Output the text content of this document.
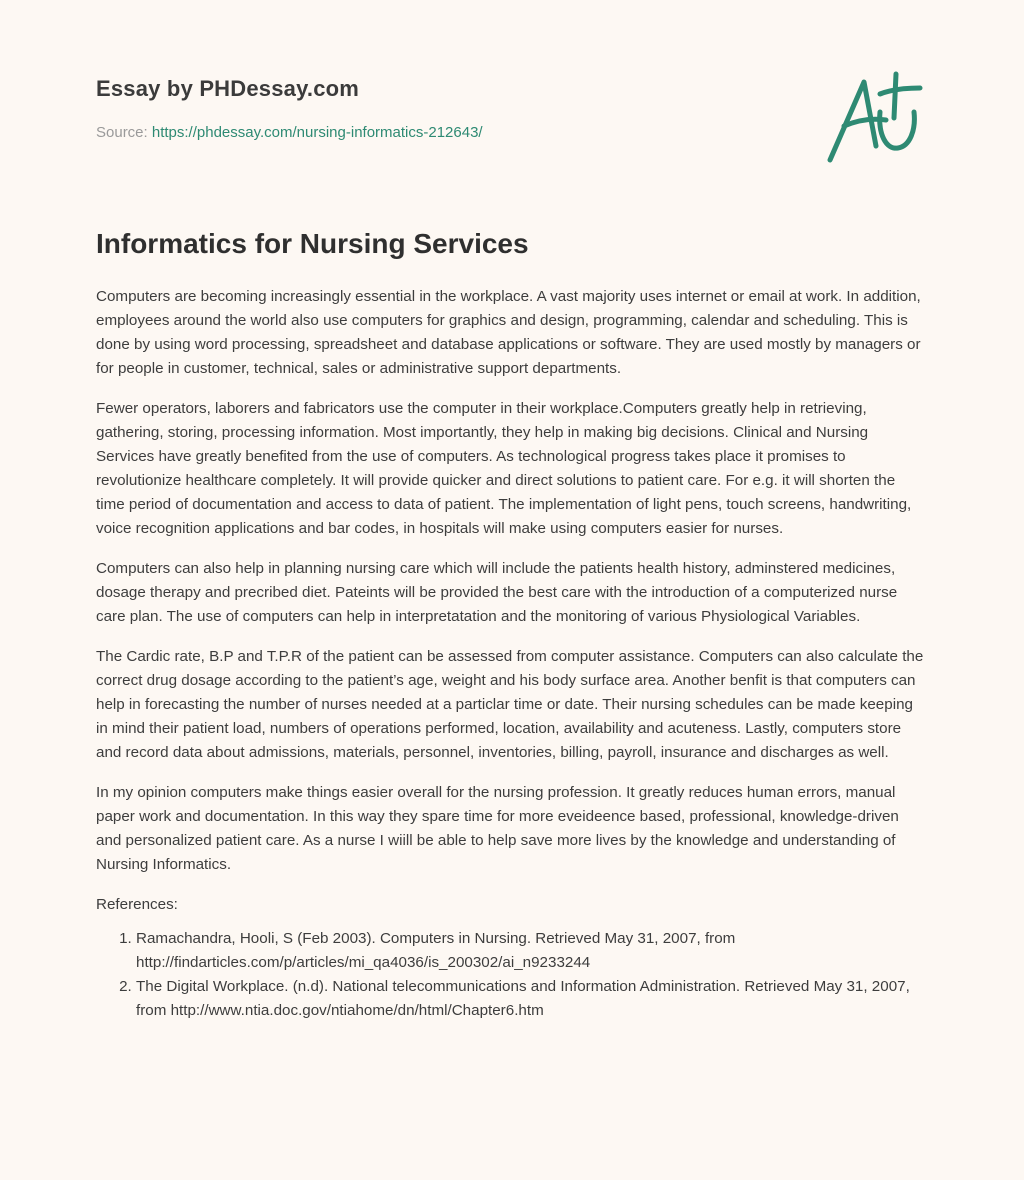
Essay by PHDessay.com
Source: https://phdessay.com/nursing-informatics-212643/
Informatics for Nursing Services

Computers are becoming increasingly essential in the workplace. A vast majority uses internet or email at work. In addition, employees around the world also use computers for graphics and design, programming, calendar and scheduling. This is done by using word processing, spreadsheet and database applications or software. They are used mostly by managers or for people in customer, technical, sales or administrative support departments.

Fewer operators, laborers and fabricators use the computer in their workplace.Computers greatly help in retrieving, gathering, storing, processing information. Most importantly, they help in making big decisions. Clinical and Nursing Services have greatly benefited from the use of computers. As technological progress takes place it promises to revolutionize healthcare completely. It will provide quicker and direct solutions to patient care. For e.g. it will shorten the time period of documentation and access to data of patient. The implementation of light pens, touch screens, handwriting, voice recognition applications and bar codes, in hospitals will make using computers easier for nurses.

Computers can also help in planning nursing care which will include the patients health history, adminstered medicines, dosage therapy and precribed diet. Pateints will be provided the best care with the introduction of a computerized nurse care plan. The use of computers can help in interpretatation and the monitoring of various Physiological Variables.

The Cardic rate, B.P and T.P.R of the patient can be assessed from computer assistance. Computers can also calculate the correct drug dosage according to the patient’s age, weight and his body surface area. Another benfit is that computers can help in forecasting the number of nurses needed at a particlar time or date. Their nursing schedules can be made keeping in mind their patient load, numbers of operations performed, location, availability and acuteness. Lastly, computers store and record data about admissions, materials, personnel, inventories, billing, payroll, insurance and discharges as well.

In my opinion computers make things easier overall for the nursing profession. It greatly reduces human errors, manual paper work and documentation. In this way they spare time for more eveideence based, professional, knowledge-driven and personalized patient care. As a nurse I wiill be able to help save more lives by the knowledge and understanding of Nursing Informatics.

References:
1. Ramachandra, Hooli, S (Feb 2003). Computers in Nursing. Retrieved May 31, 2007, from http://findarticles.com/p/articles/mi_qa4036/is_200302/ai_n9233244
2. The Digital Workplace. (n.d). National telecommunications and Information Administration. Retrieved May 31, 2007, from http://www.ntia.doc.gov/ntiahome/dn/html/Chapter6.htm
